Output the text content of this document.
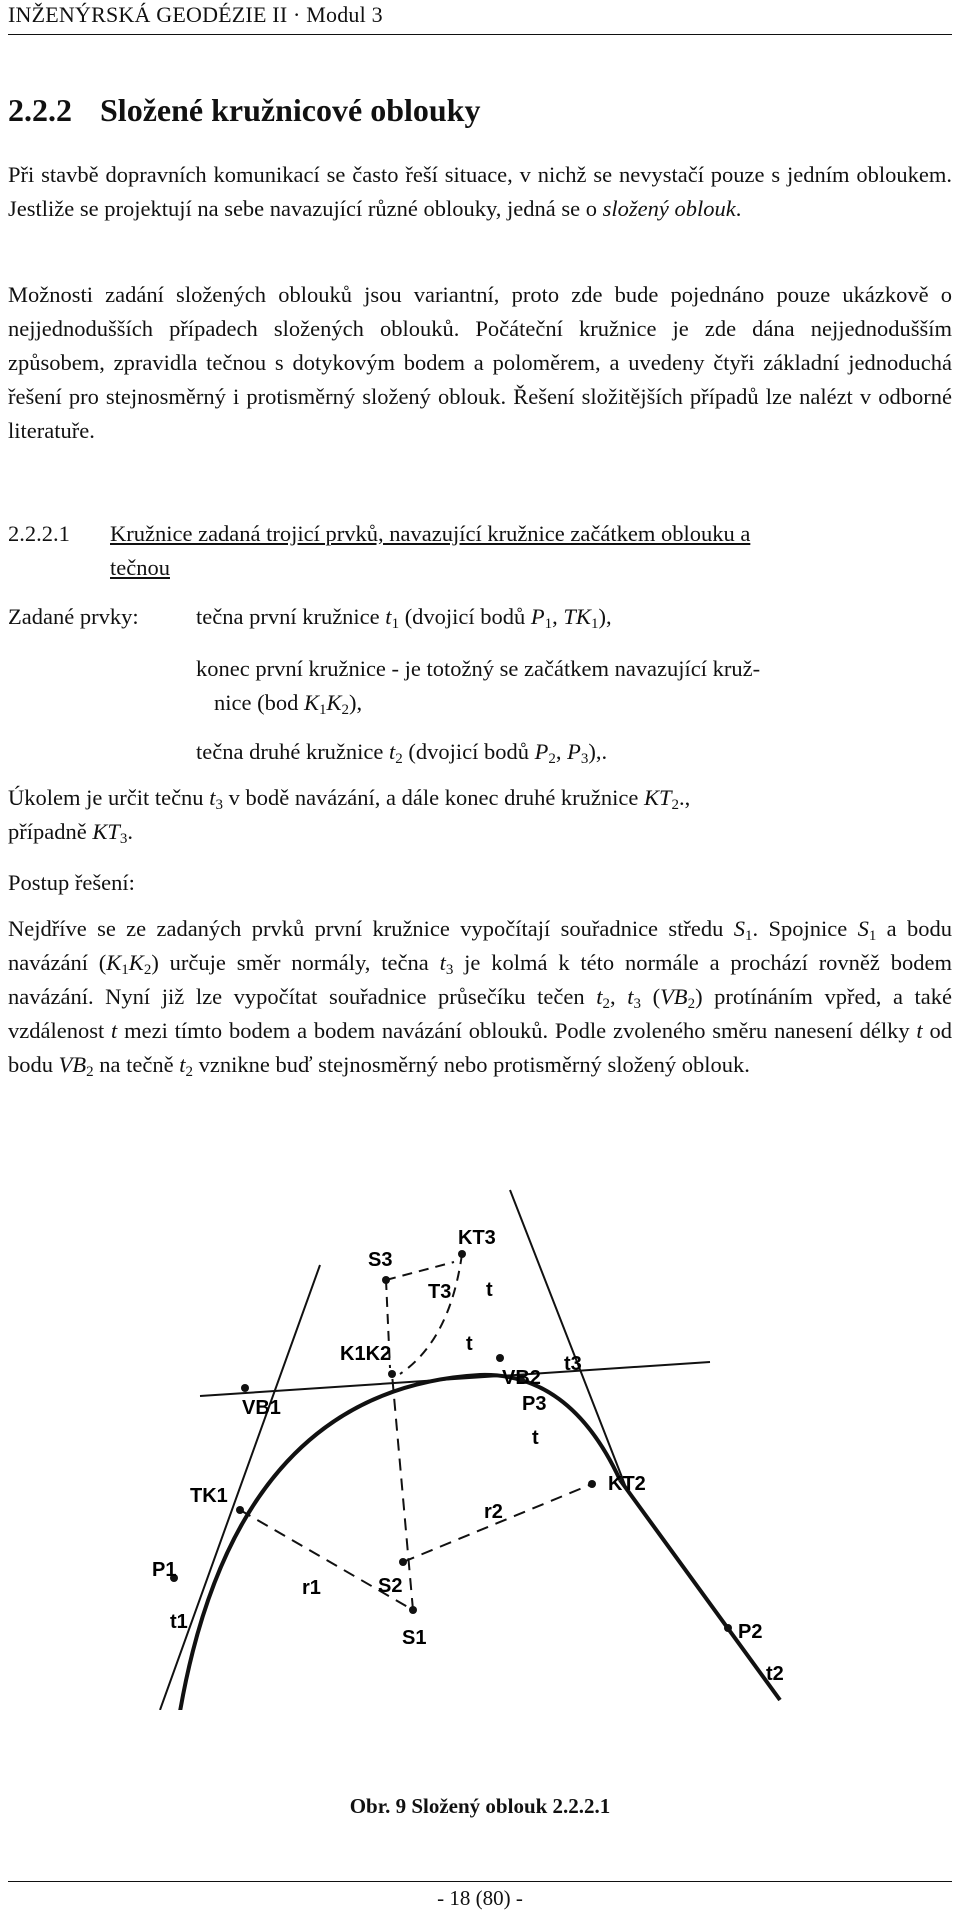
INŽENÝRSKÁ GEODÉZIE II · Modul 3
2.2.2 Složené kružnicové oblouky
Při stavbě dopravních komunikací se často řeší situace, v nichž se nevystačí pouze s jedním obloukem. Jestliže se projektují na sebe navazující různé oblouky, jedná se o složený oblouk.
Možnosti zadání složených oblouků jsou variantní, proto zde bude pojednáno pouze ukázkově o nejjednodušších případech složených oblouků. Počáteční kružnice je zde dána nejjednodušším způsobem, zpravidla tečnou s dotykovým bodem a poloměrem, a uvedeny čtyři základní jednoduchá řešení pro stejnosměrný i protisměrný složený oblouk. Řešení složitějších případů lze nalézt v odborné literatuře.
2.2.2.1 Kružnice zadaná trojicí prvků, navazující kružnice začátkem oblouku a
tečnou
Zadané prvky:	tečna první kružnice $t_1$ (dvojicí bodů $P_1$, $TK_1$),
konec první kružnice - je totožný se začátkem navazující kruž-
nice (bod $K_1K_2$),
tečna druhé kružnice $t_2$ (dvojicí bodů $P_2$, $P_3$),.
Úkolem je určit tečnu $t_3$ v bodě navázání, a dále konec druhé kružnice $KT_2$.,
případně $KT_3$.
Postup řešení:
Nejdříve se ze zadaných prvků první kružnice vypočítají souřadnice středu $S_1$. Spojnice $S_1$ a bodu navázání $(K_1K_2)$ určuje směr normály, tečna $t_3$ je kolmá k této normále a prochází rovněž bodem navázání. Nyní již lze vypočítat souřadnice průsečíku tečen $t_2$, $t_3$ $(VB_2)$ protínáním vpřed, a také vzdálenost t mezi tímto bodem a bodem navázání oblouků. Podle zvoleného směru nanesení délky t od bodu $VB_2$ na tečně $t_2$ vznikne buď stejnosměrný nebo protisměrný složený oblouk.
S3
T3
KT3
t
K1K2	t
VB1
VB2
t3
P3
t
KT2
TK1
S2
r2
r1
P1
t1
S1	P2
t2
Obr. 9 Složený oblouk 2.2.2.1
- 18 (80) -
